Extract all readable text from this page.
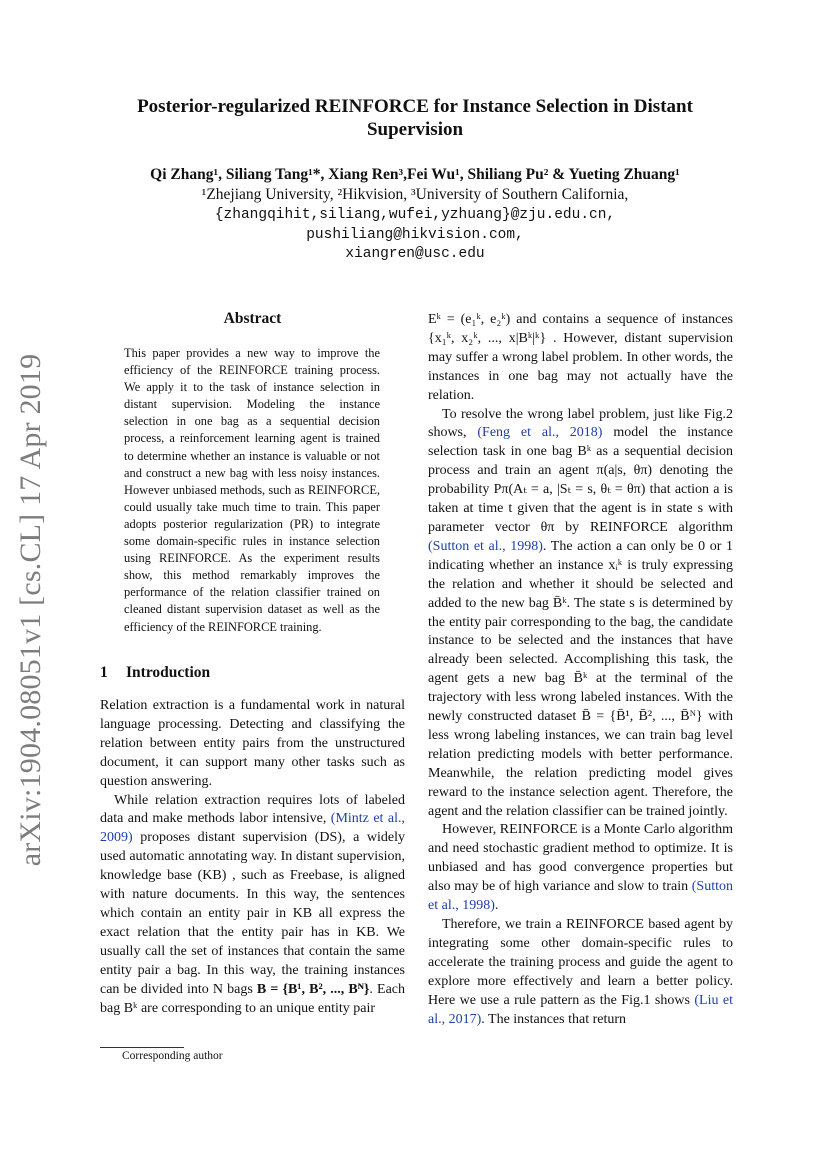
arXiv:1904.08051v1 [cs.CL] 17 Apr 2019
Posterior-regularized REINFORCE for Instance Selection in Distant
Supervision
Qi Zhang¹, Siliang Tang¹*, Xiang Ren³,Fei Wu¹, Shiliang Pu² & Yueting Zhuang¹
¹Zhejiang University, ²Hikvision, ³University of Southern California,
{zhangqihit,siliang,wufei,yzhuang}@zju.edu.cn,
pushiliang@hikvision.com,
xiangren@usc.edu
Abstract
This paper provides a new way to improve the efficiency of the REINFORCE training process. We apply it to the task of instance selection in distant supervision. Modeling the instance selection in one bag as a sequential decision process, a reinforcement learning agent is trained to determine whether an instance is valuable or not and construct a new bag with less noisy instances. However unbiased methods, such as REINFORCE, could usually take much time to train. This paper adopts posterior regularization (PR) to integrate some domain-specific rules in instance selection using REINFORCE. As the experiment results show, this method remarkably improves the performance of the relation classifier trained on cleaned distant supervision dataset as well as the efficiency of the REINFORCE training.
1 Introduction

Relation extraction is a fundamental work in natural language processing. Detecting and classifying the relation between entity pairs from the unstructured document, it can support many other tasks such as question answering.

While relation extraction requires lots of labeled data and make methods labor intensive, (Mintz et al., 2009) proposes distant supervision (DS), a widely used automatic annotating way. In distant supervision, knowledge base (KB) , such as Freebase, is aligned with nature documents. In this way, the sentences which contain an entity pair in KB all express the exact relation that the entity pair has in KB. We usually call the set of instances that contain the same entity pair a bag. In this way, the training instances can be divided into N bags B = {B¹, B², ..., Bᴺ}. Each bag Bᵏ are corresponding to an unique entity pair

Corresponding author

Eᵏ = (e₁ᵏ, e₂ᵏ) and contains a sequence of instances {x₁ᵏ, x₂ᵏ, ..., x|Bᵏ|ᵏ} . However, distant supervision may suffer a wrong label problem. In other words, the instances in one bag may not actually have the relation.

To resolve the wrong label problem, just like Fig.2 shows, (Feng et al., 2018) model the instance selection task in one bag Bᵏ as a sequential decision process and train an agent π(a|s, θπ) denoting the probability Pπ(Aₜ = a, |Sₜ = s, θₜ = θπ) that action a is taken at time t given that the agent is in state s with parameter vector θπ by REINFORCE algorithm (Sutton et al., 1998). The action a can only be 0 or 1 indicating whether an instance xᵢᵏ is truly expressing the relation and whether it should be selected and added to the new bag B̄ᵏ. The state s is determined by the entity pair corresponding to the bag, the candidate instance to be selected and the instances that have already been selected. Accomplishing this task, the agent gets a new bag B̄ᵏ at the terminal of the trajectory with less wrong labeled instances. With the newly constructed dataset B̄ = {B̄¹, B̄², ..., B̄ᴺ} with less wrong labeling instances, we can train bag level relation predicting models with better performance. Meanwhile, the relation predicting model gives reward to the instance selection agent. Therefore, the agent and the relation classifier can be trained jointly.

However, REINFORCE is a Monte Carlo algorithm and need stochastic gradient method to optimize. It is unbiased and has good convergence properties but also may be of high variance and slow to train (Sutton et al., 1998).

Therefore, we train a REINFORCE based agent by integrating some other domain-specific rules to accelerate the training process and guide the agent to explore more effectively and learn a better policy. Here we use a rule pattern as the Fig.1 shows (Liu et al., 2017). The instances that return
